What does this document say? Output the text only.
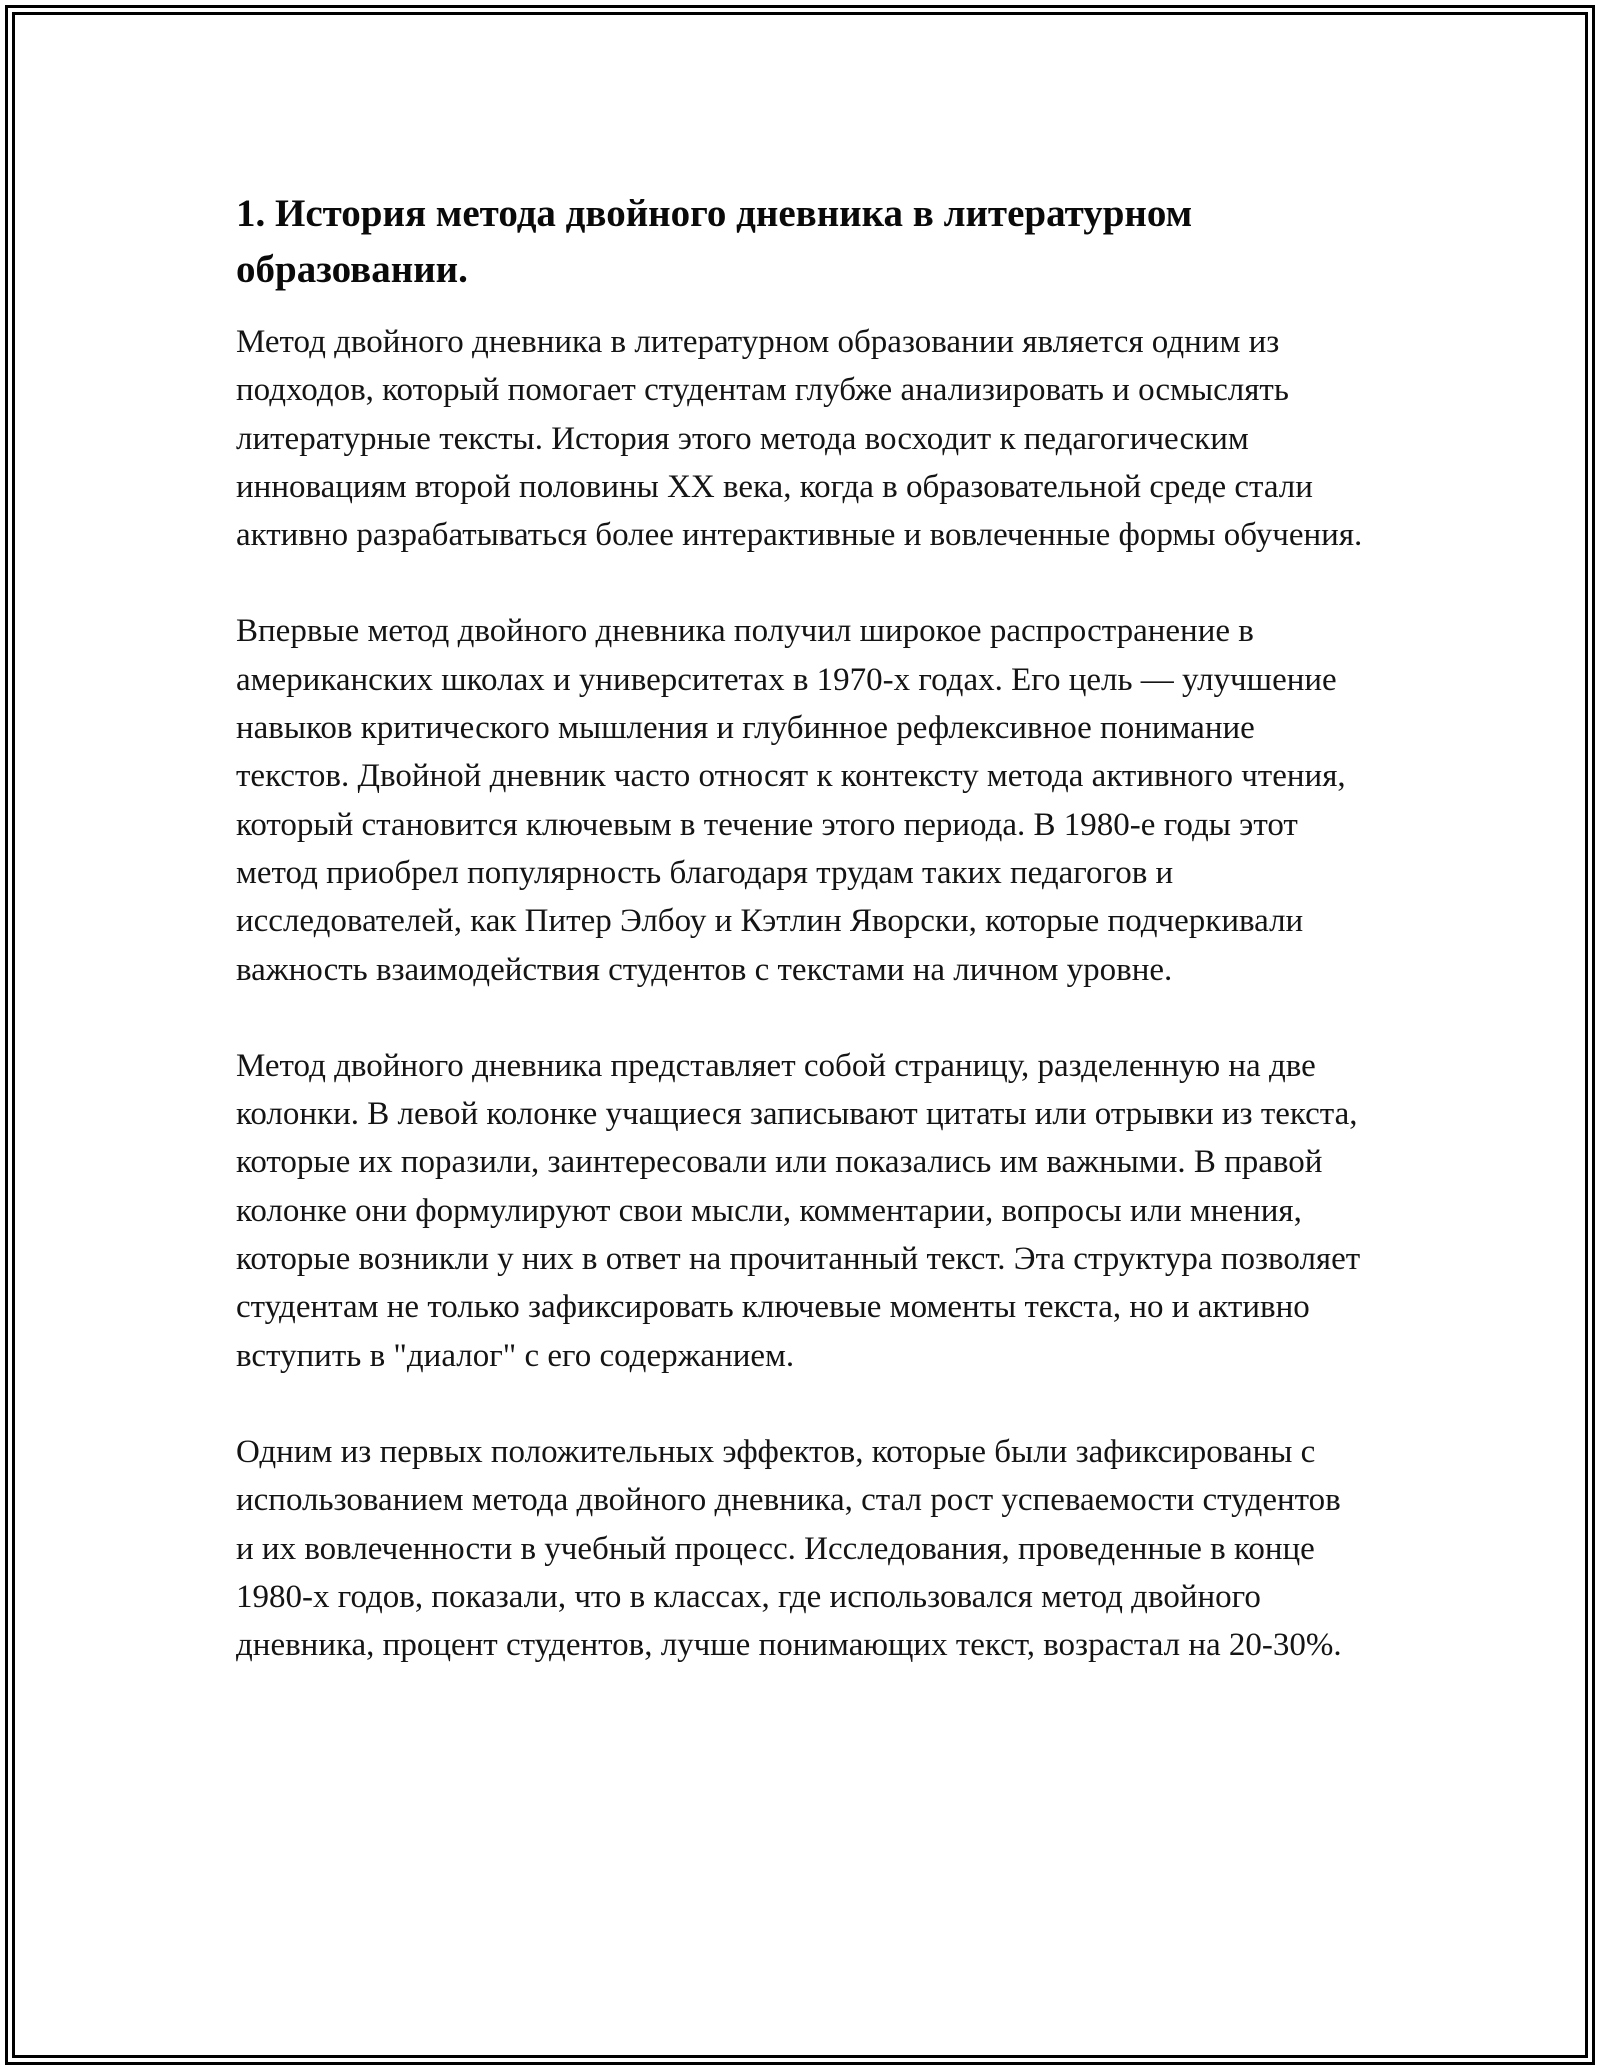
1. История метода двойного дневника в литературном образовании.

Метод двойного дневника в литературном образовании является одним из подходов, который помогает студентам глубже анализировать и осмыслять литературные тексты. История этого метода восходит к педагогическим инновациям второй половины XX века, когда в образовательной среде стали активно разрабатываться более интерактивные и вовлеченные формы обучения.

Впервые метод двойного дневника получил широкое распространение в американских школах и университетах в 1970-х годах. Его цель — улучшение навыков критического мышления и глубинное рефлексивное понимание текстов. Двойной дневник часто относят к контексту метода активного чтения, который становится ключевым в течение этого периода. В 1980-е годы этот метод приобрел популярность благодаря трудам таких педагогов и исследователей, как Питер Элбоу и Кэтлин Яворски, которые подчеркивали важность взаимодействия студентов с текстами на личном уровне.

Метод двойного дневника представляет собой страницу, разделенную на две колонки. В левой колонке учащиеся записывают цитаты или отрывки из текста, которые их поразили, заинтересовали или показались им важными. В правой колонке они формулируют свои мысли, комментарии, вопросы или мнения, которые возникли у них в ответ на прочитанный текст. Эта структура позволяет студентам не только зафиксировать ключевые моменты текста, но и активно вступить в "диалог" с его содержанием.

Одним из первых положительных эффектов, которые были зафиксированы с использованием метода двойного дневника, стал рост успеваемости студентов и их вовлеченности в учебный процесс. Исследования, проведенные в конце 1980-х годов, показали, что в классах, где использовался метод двойного дневника, процент студентов, лучше понимающих текст, возрастал на 20-30%.
